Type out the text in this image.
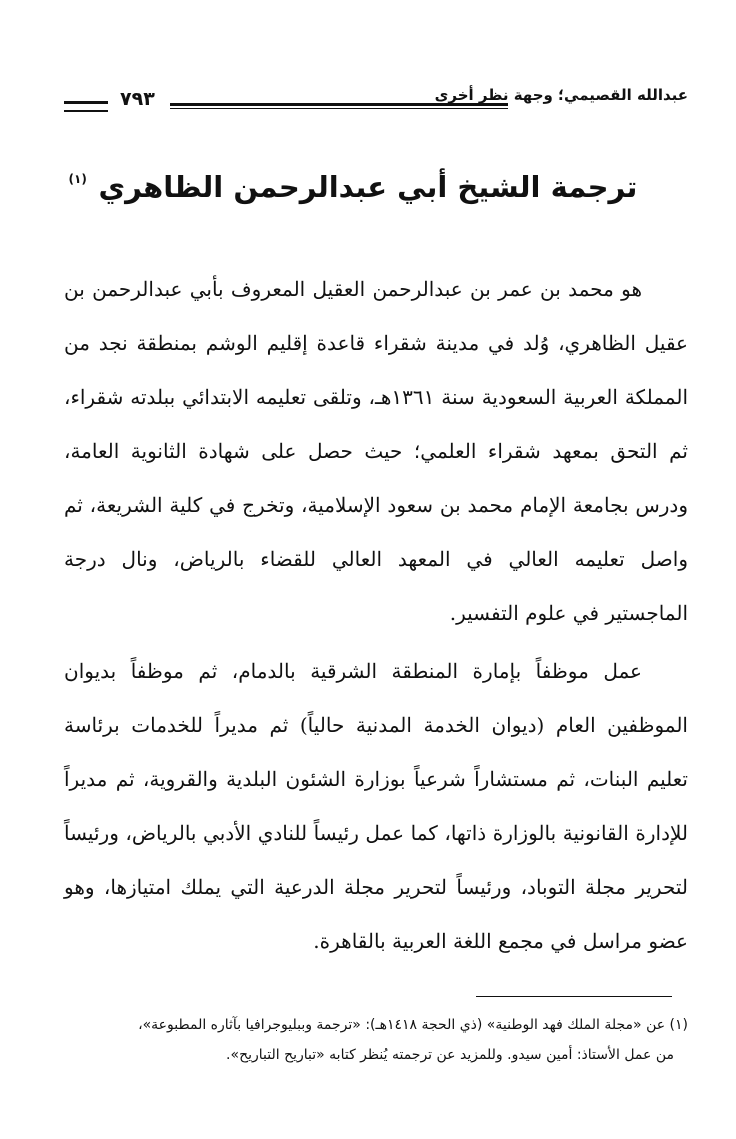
عبدالله القصيمي؛ وجهة نظر أخرى
٧٩٣
ترجمة الشيخ أبي عبدالرحمن الظاهري
(١)

هو محمد بن عمر بن عبدالرحمن العقيل المعروف بأبي عبدالرحمن بن عقيل الظاهري، وُلد في مدينة شقراء قاعدة إقليم الوشم بمنطقة نجد من المملكة العربية السعودية سنة ١٣٦١هـ، وتلقى تعليمه الابتدائي ببلدته شقراء، ثم التحق بمعهد شقراء العلمي؛ حيث حصل على شهادة الثانوية العامة، ودرس بجامعة الإمام محمد بن سعود الإسلامية، وتخرج في كلية الشريعة، ثم واصل تعليمه العالي في المعهد العالي للقضاء بالرياض، ونال درجة الماجستير في علوم التفسير.

عمل موظفاً بإمارة المنطقة الشرقية بالدمام، ثم موظفاً بديوان الموظفين العام (ديوان الخدمة المدنية حالياً) ثم مديراً للخدمات برئاسة تعليم البنات، ثم مستشاراً شرعياً بوزارة الشئون البلدية والقروية، ثم مديراً للإدارة القانونية بالوزارة ذاتها، كما عمل رئيساً للنادي الأدبي بالرياض، ورئيساً لتحرير مجلة التوباد، ورئيساً لتحرير مجلة الدرعية التي يملك امتيازها، وهو عضو مراسل في مجمع اللغة العربية بالقاهرة.

(١) عن «مجلة الملك فهد الوطنية» (ذي الحجة ١٤١٨هـ): «ترجمة وببليوجرافيا بآثاره المطبوعة»،

من عمل الأستاذ: أمين سيدو. وللمزيد عن ترجمته يُنظر كتابه «تباريح التباريح».
